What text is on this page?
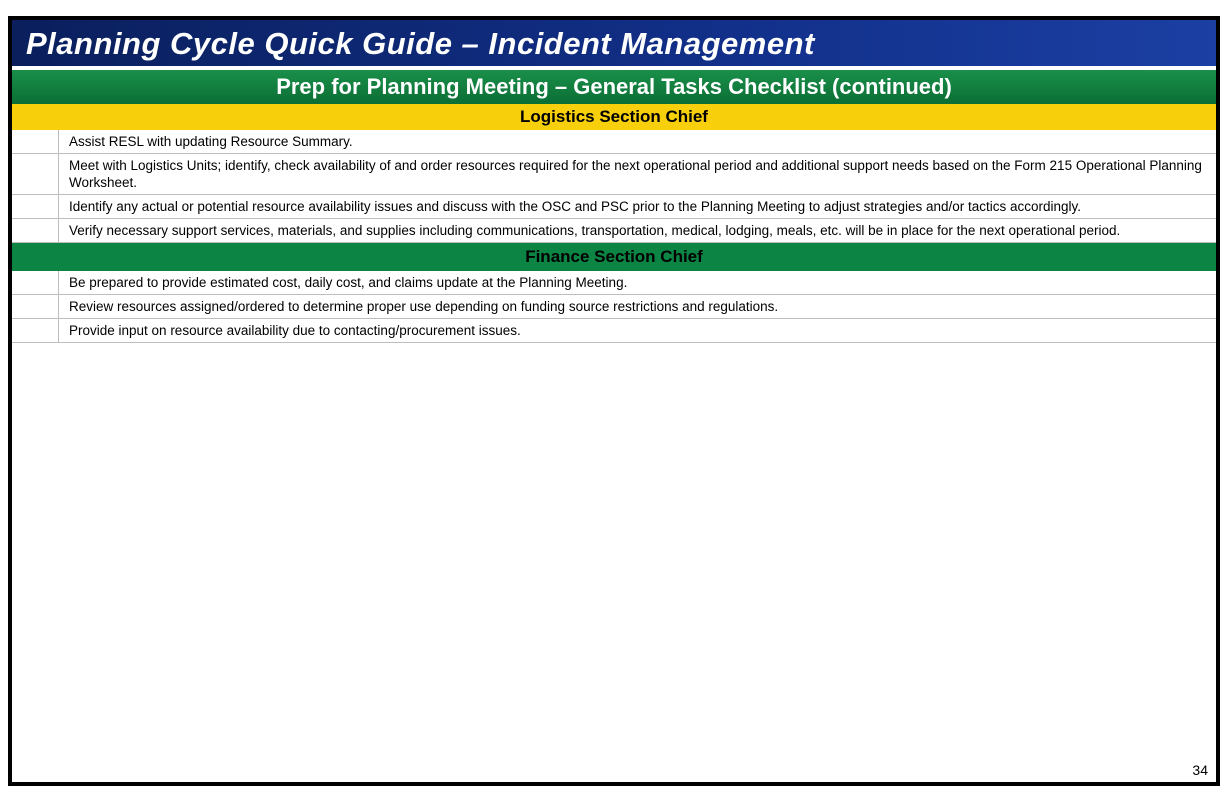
Planning Cycle Quick Guide – Incident Management
Prep for Planning Meeting – General Tasks Checklist (continued)
Logistics Section Chief
Assist RESL with updating Resource Summary.
Meet with Logistics Units; identify, check availability of and order resources required for the next operational period and additional support needs based on the Form 215 Operational Planning Worksheet.
Identify any actual or potential resource availability issues and discuss with the OSC and PSC prior to the Planning Meeting to adjust strategies and/or tactics accordingly.
Verify necessary support services, materials, and supplies including communications, transportation, medical, lodging, meals, etc. will be in place for the next operational period.
Finance Section Chief
Be prepared to provide estimated cost, daily cost, and claims update at the Planning Meeting.
Review resources assigned/ordered to determine proper use depending on funding source restrictions and regulations.
Provide input on resource availability due to contacting/procurement issues.
34
